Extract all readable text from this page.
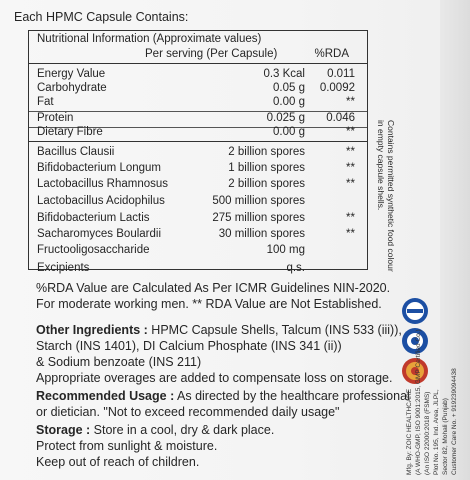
Each HPMC Capsule Contains:
Nutritional Information (Approximate values)
Per serving (Per Capsule)	%RDA
Energy Value	0.3 Kcal 0.011
Carbohydrate	0.05 g 0.0092
Fat	0.00 g	**
Protein	0.025 g 0.046
Dietary Fibre	0.00 g	**
Bacillus Clausii	2 billion spores	**
Bifidobacterium Longum	1 billion spores	**
Lactobacillus Rhamnosus	2 billion spores	**
Lactobacillus Acidophilus	500 million spores
Bifidobacterium Lactis	275 million spores	**
Sacharomyces Boulardii	30 million spores	**
Fructooligosaccharide	100 mg
Excipients	q.s.	Contains permitted synthetic food colour
in empty capsule shells.
%RDA Value are Calculated As Per ICMR Guidelines NIN-2020.
For moderate working men. ** RDA Value are Not Established.
Other Ingredients : HPMC Capsule Shells, Talcum (INS 533 (iii)),
Starch (INS 1401), DI Calcium Phosphate (INS 341 (ii))
& Sodium benzoate (INS 211)
Appropriate overages are added to compensate loss on storage.
Recommended Usage : As directed by the healthcare professional
or dietician. "Not to exceed recommended daily usage"
Storage : Store in a cool, dry & dark place.
Protect from sunlight & moisture.
Keep out of reach of children.	Mfg. By: ZOIC HEALTHCARE (A WHO-GMP, ISO 9001:2015, GMP Certified Co.) (An ISO 22000:2018 (FSMS) Plot No. 195, Ind. Area, JLPL, Sector 82, Mohali (Punjab) Customer Care No. + 919239094438
